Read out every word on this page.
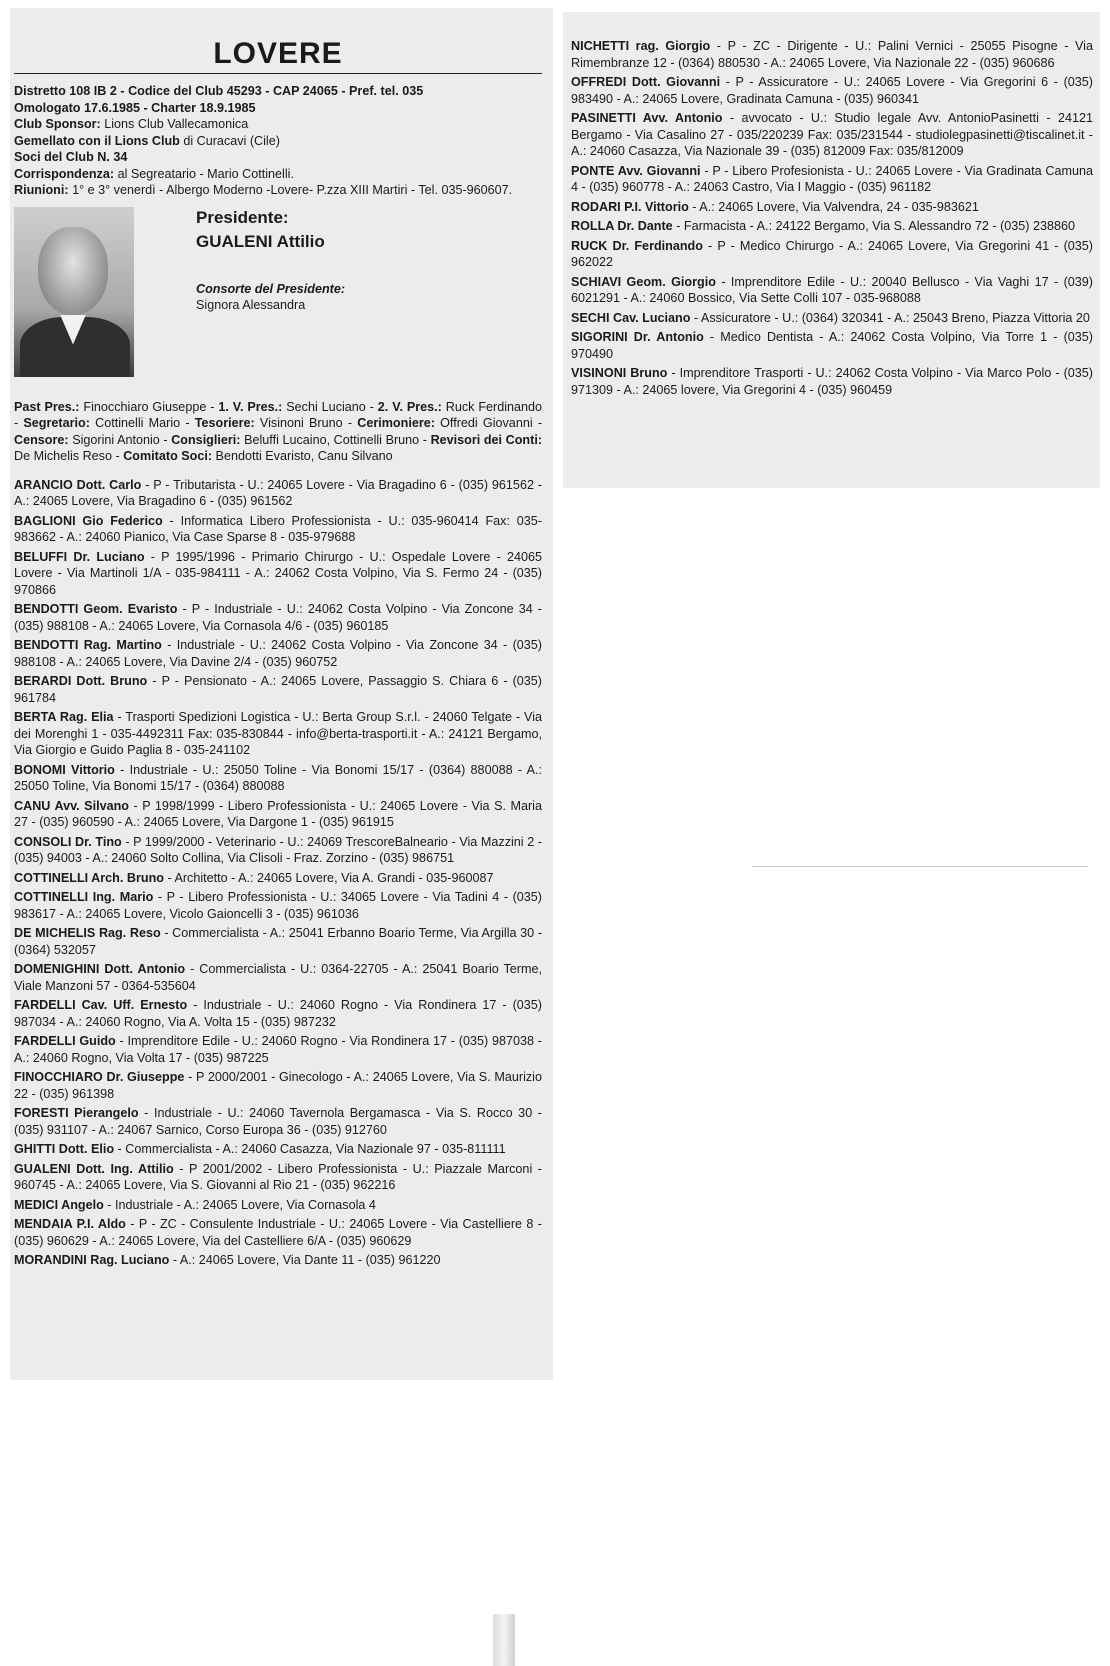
LOVERE

Distretto 108 IB 2 - Codice del Club 45293 - CAP 24065 - Pref. tel. 035

Omologato 17.6.1985 - Charter 18.9.1985

Club Sponsor: Lions Club Vallecamonica

Gemellato con il Lions Club di Curacavi (Cile)

Soci del Club N. 34

Corrispondenza: al Segreatario - Mario Cottinelli.

Riunioni: 1° e 3° venerdì - Albergo Moderno -Lovere- P.zza XIII Martiri - Tel. 035-960607.

Presidente:
GUALENI Attilio
Consorte del Presidente:
Signora Alessandra
Past Pres.: Finocchiaro Giuseppe - 1. V. Pres.: Sechi Luciano - 2. V. Pres.: Ruck Ferdinando - Segretario: Cottinelli Mario - Tesoriere: Visinoni Bruno - Cerimoniere: Offredi Giovanni - Censore: Sigorini Antonio - Consiglieri: Beluffi Lucaino, Cottinelli Bruno - Revisori dei Conti: De Michelis Reso - Comitato Soci: Bendotti Evaristo, Canu Silvano

ARANCIO Dott. Carlo - P - Tributarista - U.: 24065 Lovere - Via Bragadino 6 - (035) 961562 - A.: 24065 Lovere, Via Bragadino 6 - (035) 961562

BAGLIONI Gio Federico - Informatica Libero Professionista - U.: 035-960414 Fax: 035-983662 - A.: 24060 Pianico, Via Case Sparse 8 - 035-979688

BELUFFI Dr. Luciano - P 1995/1996 - Primario Chirurgo - U.: Ospedale Lovere - 24065 Lovere - Via Martinoli 1/A - 035-984111 - A.: 24062 Costa Volpino, Via S. Fermo 24 - (035) 970866

BENDOTTI Geom. Evaristo - P - Industriale - U.: 24062 Costa Volpino - Via Zoncone 34 - (035) 988108 - A.: 24065 Lovere, Via Cornasola 4/6 - (035) 960185

BENDOTTI Rag. Martino - Industriale - U.: 24062 Costa Volpino - Via Zoncone 34 - (035) 988108 - A.: 24065 Lovere, Via Davine 2/4 - (035) 960752

BERARDI Dott. Bruno - P - Pensionato - A.: 24065 Lovere, Passaggio S. Chiara 6 - (035) 961784

BERTA Rag. Elia - Trasporti Spedizioni Logistica - U.: Berta Group S.r.l. - 24060 Telgate - Via dei Morenghi 1 - 035-4492311 Fax: 035-830844 - info@berta-trasporti.it - A.: 24121 Bergamo, Via Giorgio e Guido Paglia 8 - 035-241102

BONOMI Vittorio - Industriale - U.: 25050 Toline - Via Bonomi 15/17 - (0364) 880088 - A.: 25050 Toline, Via Bonomi 15/17 - (0364) 880088

CANU Avv. Silvano - P 1998/1999 - Libero Professionista - U.: 24065 Lovere - Via S. Maria 27 - (035) 960590 - A.: 24065 Lovere, Via Dargone 1 - (035) 961915

CONSOLI Dr. Tino - P 1999/2000 - Veterinario - U.: 24069 TrescoreBalneario - Via Mazzini 2 - (035) 94003 - A.: 24060 Solto Collina, Via Clisoli - Fraz. Zorzino - (035) 986751

COTTINELLI Arch. Bruno - Architetto - A.: 24065 Lovere, Via A. Grandi - 035-960087

COTTINELLI Ing. Mario - P - Libero Professionista - U.: 34065 Lovere - Via Tadini 4 - (035) 983617 - A.: 24065 Lovere, Vicolo Gaioncelli 3 - (035) 961036

DE MICHELIS Rag. Reso - Commercialista - A.: 25041 Erbanno Boario Terme, Via Argilla 30 - (0364) 532057

DOMENIGHINI Dott. Antonio - Commercialista - U.: 0364-22705 - A.: 25041 Boario Terme, Viale Manzoni 57 - 0364-535604

FARDELLI Cav. Uff. Ernesto - Industriale - U.: 24060 Rogno - Via Rondinera 17 - (035) 987034 - A.: 24060 Rogno, Via A. Volta 15 - (035) 987232

FARDELLI Guido - Imprenditore Edile - U.: 24060 Rogno - Via Rondinera 17 - (035) 987038 - A.: 24060 Rogno, Via Volta 17 - (035) 987225

FINOCCHIARO Dr. Giuseppe - P 2000/2001 - Ginecologo - A.: 24065 Lovere, Via S. Maurizio 22 - (035) 961398

FORESTI Pierangelo - Industriale - U.: 24060 Tavernola Bergamasca - Via S. Rocco 30 - (035) 931107 - A.: 24067 Sarnico, Corso Europa 36 - (035) 912760

GHITTI Dott. Elio - Commercialista - A.: 24060 Casazza, Via Nazionale 97 - 035-811111

GUALENI Dott. Ing. Attilio - P 2001/2002 - Libero Professionista - U.: Piazzale Marconi - 960745 - A.: 24065 Lovere, Via S. Giovanni al Rio 21 - (035) 962216

MEDICI Angelo - Industriale - A.: 24065 Lovere, Via Cornasola 4

MENDAIA P.I. Aldo - P - ZC - Consulente Industriale - U.: 24065 Lovere - Via Castelliere 8 - (035) 960629 - A.: 24065 Lovere, Via del Castelliere 6/A - (035) 960629

MORANDINI Rag. Luciano - A.: 24065 Lovere, Via Dante 11 - (035) 961220

NICHETTI rag. Giorgio - P - ZC - Dirigente - U.: Palini Vernici - 25055 Pisogne - Via Rimembranze 12 - (0364) 880530 - A.: 24065 Lovere, Via Nazionale 22 - (035) 960686

OFFREDI Dott. Giovanni - P - Assicuratore - U.: 24065 Lovere - Via Gregorini 6 - (035) 983490 - A.: 24065 Lovere, Gradinata Camuna - (035) 960341

PASINETTI Avv. Antonio - avvocato - U.: Studio legale Avv. AntonioPasinetti - 24121 Bergamo - Via Casalino 27 - 035/220239 Fax: 035/231544 - studiolegpasinetti@tiscalinet.it - A.: 24060 Casazza, Via Nazionale 39 - (035) 812009 Fax: 035/812009

PONTE Avv. Giovanni - P - Libero Profesionista - U.: 24065 Lovere - Via Gradinata Camuna 4 - (035) 960778 - A.: 24063 Castro, Via I Maggio - (035) 961182

RODARI P.I. Vittorio - A.: 24065 Lovere, Via Valvendra, 24 - 035-983621

ROLLA Dr. Dante - Farmacista - A.: 24122 Bergamo, Via S. Alessandro 72 - (035) 238860

RUCK Dr. Ferdinando - P - Medico Chirurgo - A.: 24065 Lovere, Via Gregorini 41 - (035) 962022

SCHIAVI Geom. Giorgio - Imprenditore Edile - U.: 20040 Bellusco - Via Vaghi 17 - (039) 6021291 - A.: 24060 Bossico, Via Sette Colli 107 - 035-968088

SECHI Cav. Luciano - Assicuratore - U.: (0364) 320341 - A.: 25043 Breno, Piazza Vittoria 20

SIGORINI Dr. Antonio - Medico Dentista - A.: 24062 Costa Volpino, Via Torre 1 - (035) 970490

VISINONI Bruno - Imprenditore Trasporti - U.: 24062 Costa Volpino - Via Marco Polo - (035) 971309 - A.: 24065 lovere, Via Gregorini 4 - (035) 960459
